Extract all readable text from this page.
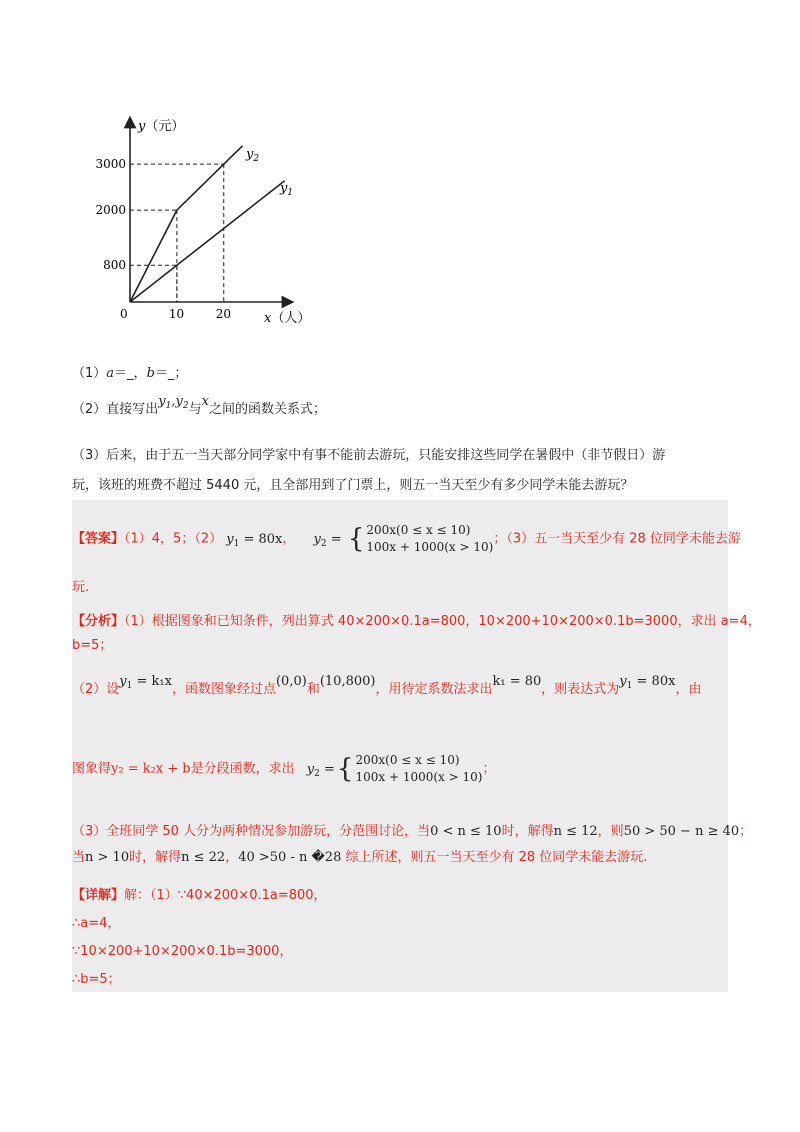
10	20
800
2000
3000
y（元）
x（人）
0
$y_2$
$y_1$
（1）a＝_，b＝_；
（2）直接写出$y_1,y_2$与x之间的函数关系式；
（3）后来，由于五一当天部分同学家中有事不能前去游玩，只能安排这些同学在暑假中（非节假日）游
玩，该班的班费不超过 5440 元，且全部用到了门票上，则五一当天至少有多少同学未能去游玩？
【答案】（1）4，5；（2） $y_1 = 80x$， $y_2$ = { 200x(0 ≤ x ≤ 10)
100x + 1000(x > 10)
；（3）五一当天至少有 28 位同学未能去游
玩.
【分析】（1）根据图象和已知条件，列出算式 40×200×0.1a=800，10×200+10×200×0.1b=3000，求出 a=4，
b=5；
（2）设$y_1 = k_1x$，函数图象经过点(0,0)和(10,800)，用待定系数法求出k₁ = 80，则表达式为$y_1 = 80x$，由
图象得y₂ = k₂x + b是分段函数，求出 $y_2$ ={ 200x(0 ≤ x ≤ 10)
100x + 1000(x > 10)
；
（3）全班同学 50 人分为两种情况参加游玩，分范围讨论，当0 < n ≤ 10时，解得n ≤ 12，则50 > 50 − n ≥ 40；
当n > 10时，解得n ≤ 22，40 >50 - n �28 综上所述，则五一当天至少有 28 位同学未能去游玩.
【详解】解：（1）∵40×200×0.1a=800，
∴a=4，
∵10×200+10×200×0.1b=3000，
∴b=5；
